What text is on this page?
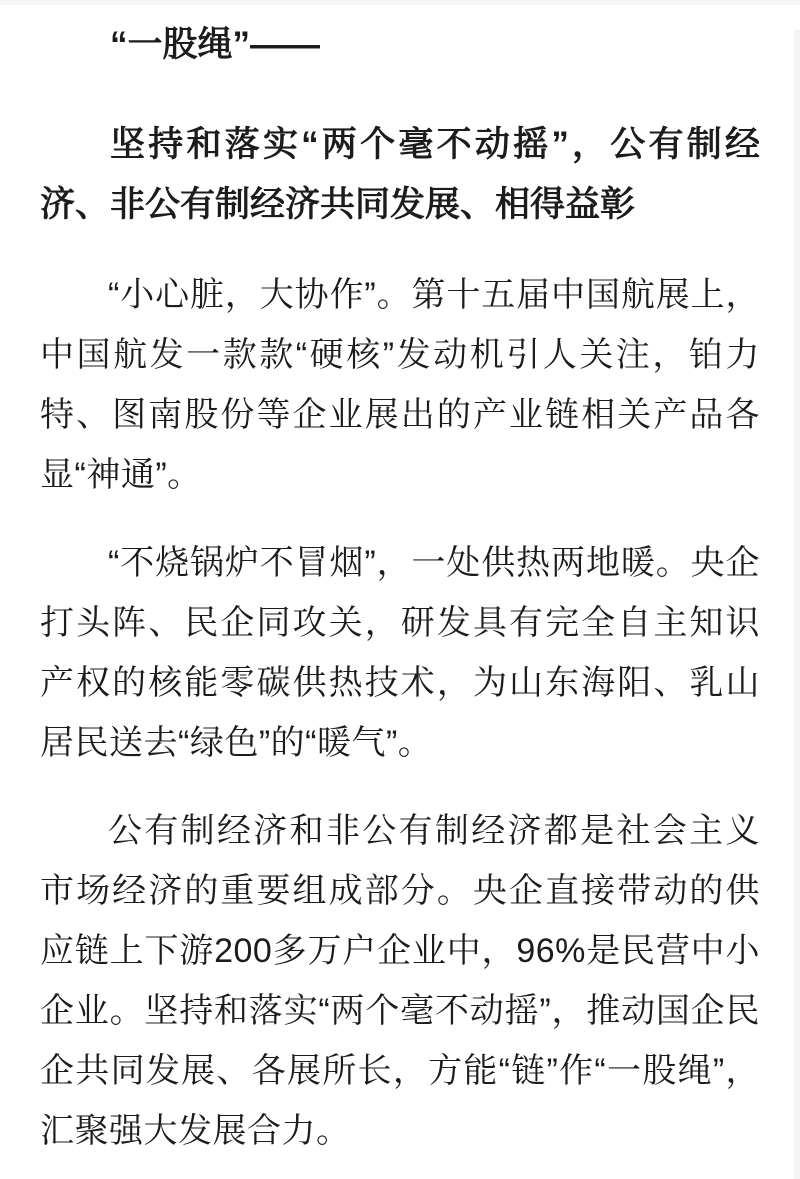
“一股绳”——
坚持和落实“两个毫不动摇”，公有制经济、非公有制经济共同发展、相得益彰

“小心脏，大协作”。第十五届中国航展上，中国航发一款款“硬核”发动机引人关注，铂力特、图南股份等企业展出的产业链相关产品各显“神通”。

“不烧锅炉不冒烟”，一处供热两地暖。央企打头阵、民企同攻关，研发具有完全自主知识产权的核能零碳供热技术，为山东海阳、乳山居民送去“绿色”的“暖气”。

公有制经济和非公有制经济都是社会主义市场经济的重要组成部分。央企直接带动的供应链上下游200多万户企业中，96%是民营中小企业。坚持和落实“两个毫不动摇”，推动国企民企共同发展、各展所长，方能“链”作“一股绳”，汇聚强大发展合力。
